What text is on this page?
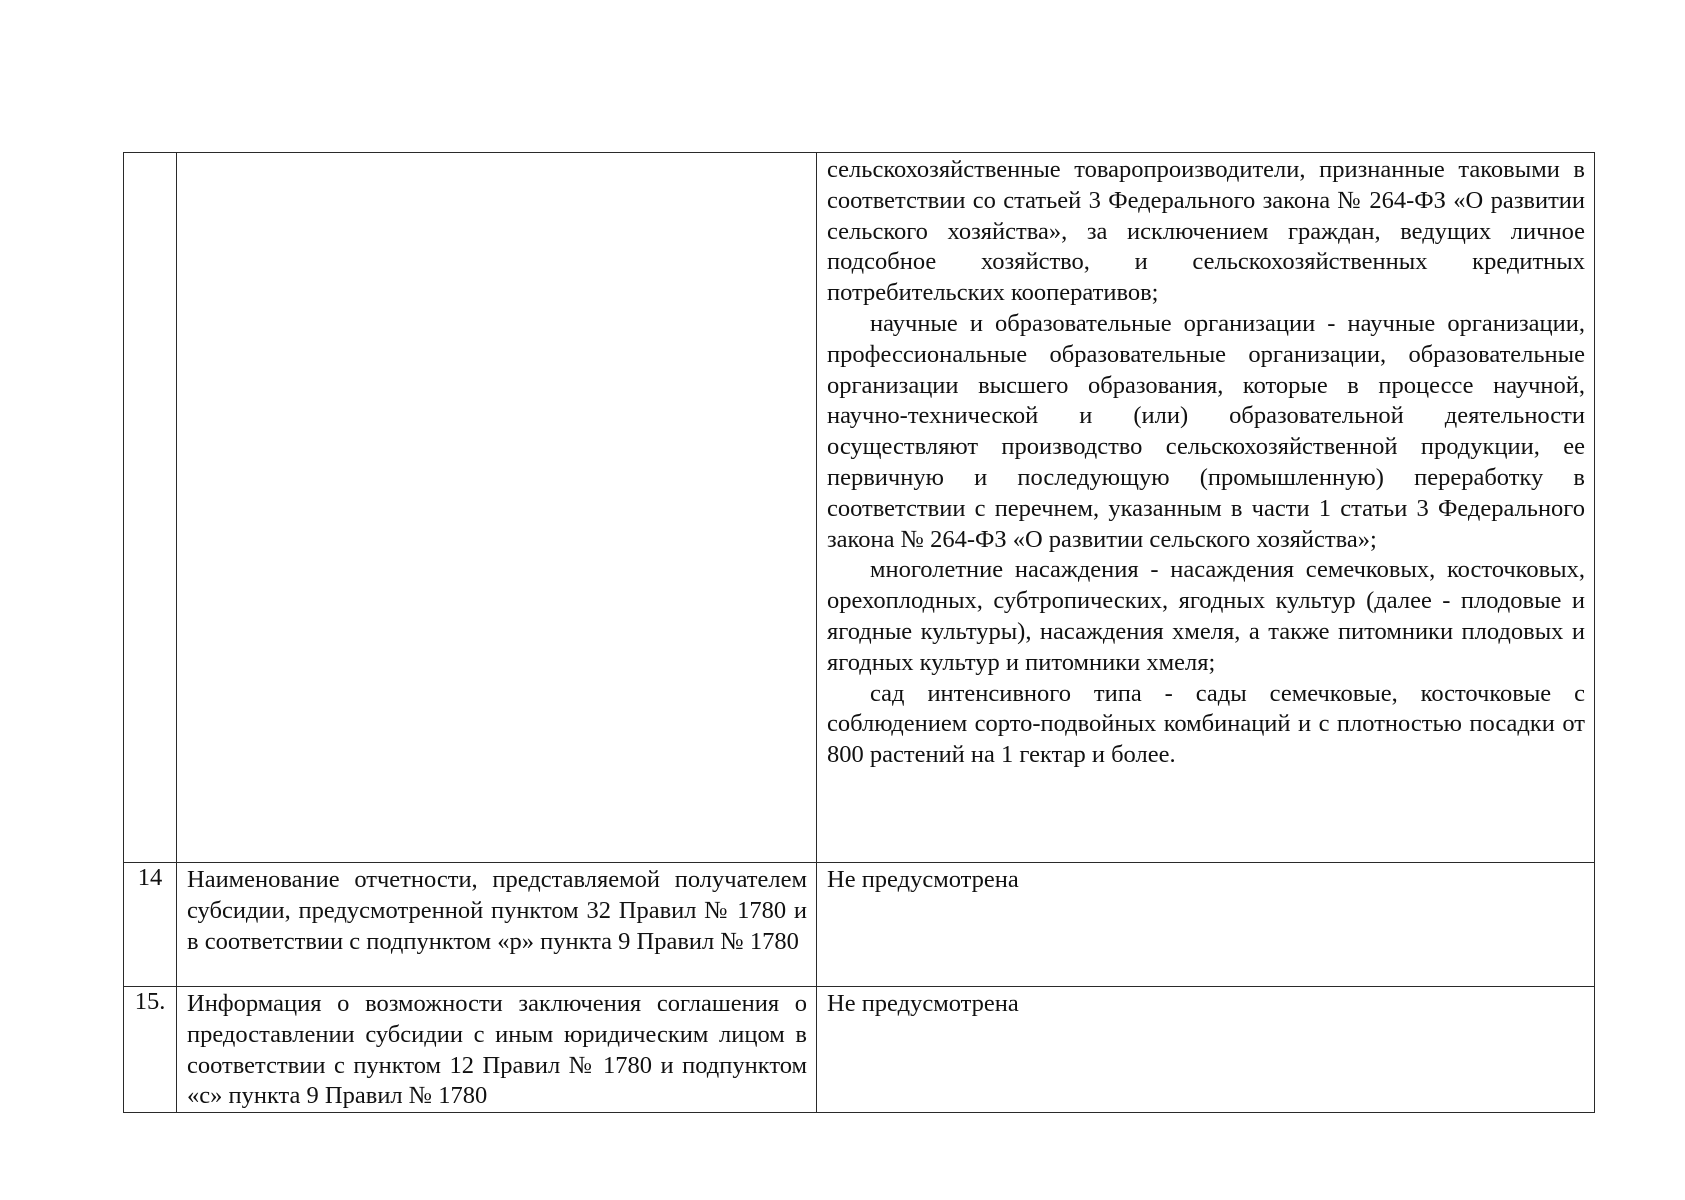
		сельскохозяйственные товаропроизводители, признанные таковыми в соответствии со статьей 3 Федерального закона № 264-ФЗ «О развитии сельского хозяйства», за исключением граждан, ведущих личное подсобное хозяйство, и сельскохозяйственных кредитных потребительских кооперативов;

научные и образовательные организации - научные организации, профессиональные образовательные организации, образовательные организации высшего образования, которые в процессе научной, научно-технической и (или) образовательной деятельности осуществляют производство сельскохозяйственной продукции, ее первичную и последующую (промышленную) переработку в соответствии с перечнем, указанным в части 1 статьи 3 Федерального закона № 264-ФЗ «О развитии сельского хозяйства»;

многолетние насаждения - насаждения семечковых, косточковых, орехоплодных, субтропических, ягодных культур (далее - плодовые и ягодные культуры), насаждения хмеля, а также питомники плодовых и ягодных культур и питомники хмеля;

сад интенсивного типа - сады семечковые, косточковые с соблюдением сорто-подвойных комбинаций и с плотностью посадки от 800 растений на 1 гектар и более.

14	Наименование отчетности, представляемой получателем субсидии, предусмотренной пунктом 32 Правил № 1780 и в соответствии с подпунктом «р» пункта 9 Правил № 1780	Не предусмотрена

15.	Информация о возможности заключения соглашения о предоставлении субсидии с иным юридическим лицом в соответствии с пунктом 12 Правил № 1780 и подпунктом «с» пункта 9 Правил № 1780	Не предусмотрена
